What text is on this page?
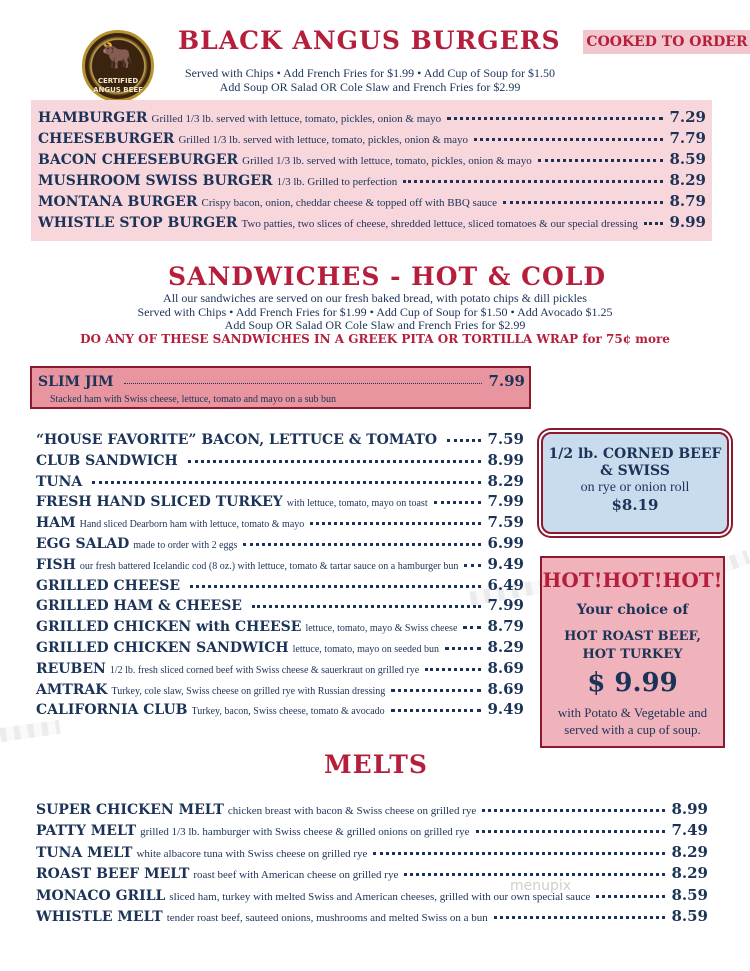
🐂
CERTIFIED
ANGUS BEEF
BLACK ANGUS BURGERS COOKED TO ORDER
Served with Chips • Add French Fries for $1.99 • Add Cup of Soup for $1.50
Add Soup OR Salad OR Cole Slaw and French Fries for $2.99
HAMBURGER Grilled 1/3 lb. served with lettuce, tomato, pickles, onion & mayo	7.29
CHEESEBURGER Grilled 1/3 lb. served with lettuce, tomato, pickles, onion & mayo	7.79
BACON CHEESEBURGER Grilled 1/3 lb. served with lettuce, tomato, pickles, onion & mayo	8.59
MUSHROOM SWISS BURGER 1/3 lb. Grilled to perfection	8.29
MONTANA BURGER Crispy bacon, onion, cheddar cheese & topped off with BBQ sauce	8.79
WHISTLE STOP BURGER Two patties, two slices of cheese, shredded lettuce, sliced tomatoes & our special dressing 9.99
SANDWICHES - HOT & COLD
All our sandwiches are served on our fresh baked bread, with potato chips & dill pickles
Served with Chips • Add French Fries for $1.99 • Add Cup of Soup for $1.50 • Add Avocado $1.25
Add Soup OR Salad OR Cole Slaw and French Fries for $2.99
DO ANY OF THESE SANDWICHES IN A GREEK PITA OR TORTILLA WRAP for 75¢ more
SLIM JIM	7.99
Stacked ham with Swiss cheese, lettuce, tomato and mayo on a sub bun
“HOUSE FAVORITE” BACON, LETTUCE & TOMATO	7.59
CLUB SANDWICH	8.99
TUNA	8.29
FRESH HAND SLICED TURKEY with lettuce, tomato, mayo on toast	7.99
HAM Hand sliced Dearborn ham with lettuce, tomato & mayo	7.59
EGG SALAD made to order with 2 eggs	6.99
FISH our fresh battered Icelandic cod (8 oz.) with lettuce, tomato & tartar sauce on a hamburger bun 9.49
GRILLED CHEESE	6.49
GRILLED HAM & CHEESE	7.99
GRILLED CHICKEN with CHEESE lettuce, tomato, mayo & Swiss cheese 8.79
GRILLED CHICKEN SANDWICH lettuce, tomato, mayo on seeded bun	8.29
REUBEN 1/2 lb. fresh sliced corned beef with Swiss cheese & sauerkraut on grilled rye	8.69
AMTRAK Turkey, cole slaw, Swiss cheese on grilled rye with Russian dressing	8.69
CALIFORNIA CLUB Turkey, bacon, Swiss cheese, tomato & avocado	9.49
1/2 lb. CORNED BEEF
& SWISS
on rye or onion roll
$8.19
HOT!HOT!HOT!
Your choice of
HOT ROAST BEEF,
HOT TURKEY
$ 9.99
with Potato & Vegetable and
served with a cup of soup.
MELTS
SUPER CHICKEN MELT chicken breast with bacon & Swiss cheese on grilled rye	8.99
PATTY MELT grilled 1/3 lb. hamburger with Swiss cheese & grilled onions on grilled rye	7.49
TUNA MELT white albacore tuna with Swiss cheese on grilled rye	8.29
ROAST BEEF MELT roast beef with American cheese on grilled rye	8.29
MONACO GRILL sliced ham, turkey with melted Swiss and American cheeses, grilled with our own special sauce	8.59
WHISTLE MELT tender roast beef, sauteed onions, mushrooms and melted Swiss on a bun	8.59
menupix
